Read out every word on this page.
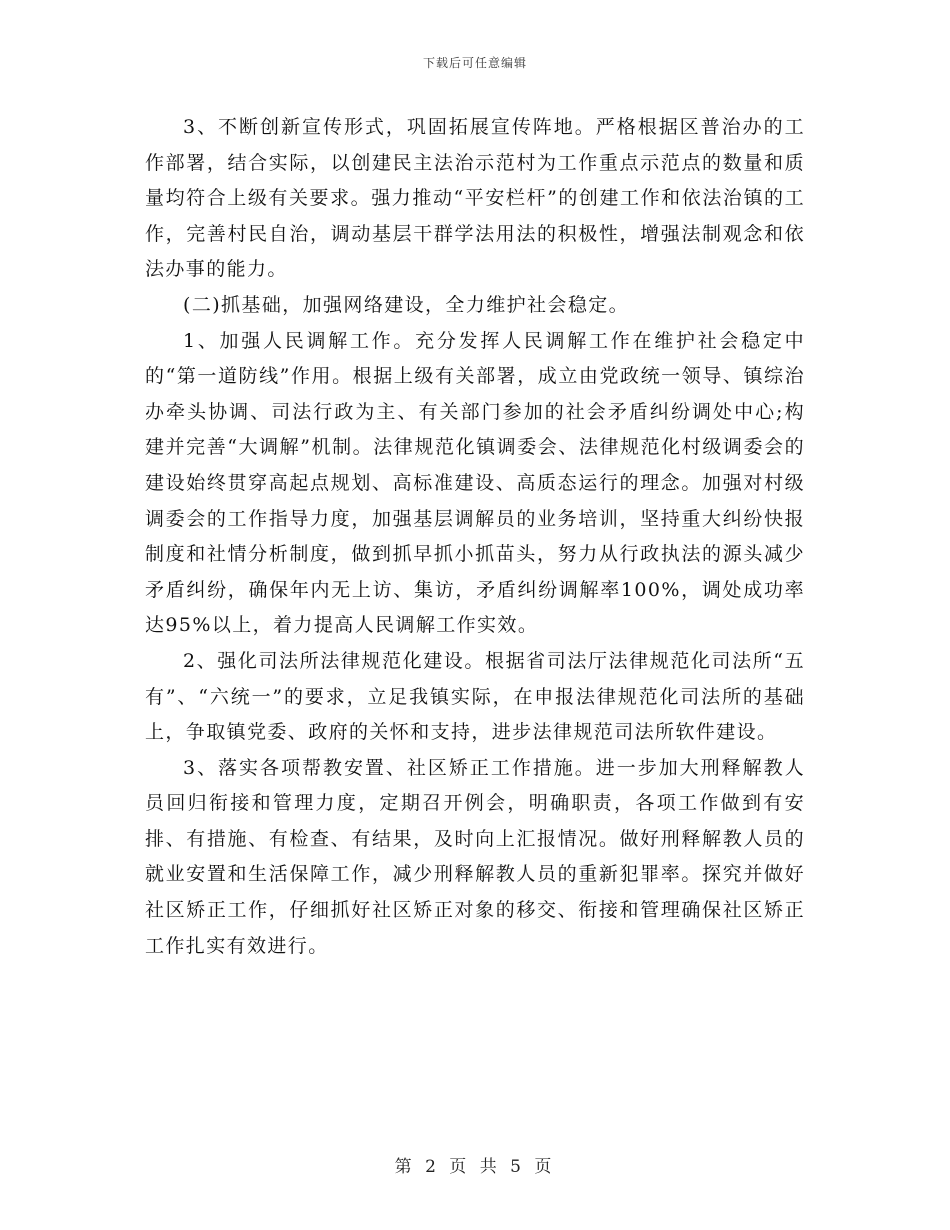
下载后可任意编辑

3、不断创新宣传形式，巩固拓展宣传阵地。严格根据区普治办的工作部署，结合实际，以创建民主法治示范村为工作重点示范点的数量和质量均符合上级有关要求。强力推动“平安栏杆”的创建工作和依法治镇的工作，完善村民自治，调动基层干群学法用法的积极性，增强法制观念和依法办事的能力。

(二)抓基础，加强网络建设，全力维护社会稳定。

1、加强人民调解工作。充分发挥人民调解工作在维护社会稳定中的“第一道防线”作用。根据上级有关部署，成立由党政统一领导、镇综治办牵头协调、司法行政为主、有关部门参加的社会矛盾纠纷调处中心;构建并完善“大调解”机制。法律规范化镇调委会、法律规范化村级调委会的建设始终贯穿高起点规划、高标准建设、高质态运行的理念。加强对村级调委会的工作指导力度，加强基层调解员的业务培训，坚持重大纠纷快报制度和社情分析制度，做到抓早抓小抓苗头，努力从行政执法的源头减少矛盾纠纷，确保年内无上访、集访，矛盾纠纷调解率100%，调处成功率达95%以上，着力提高人民调解工作实效。

2、强化司法所法律规范化建设。根据省司法厅法律规范化司法所“五有”、“六统一”的要求，立足我镇实际，在申报法律规范化司法所的基础上，争取镇党委、政府的关怀和支持，进步法律规范司法所软件建设。

3、落实各项帮教安置、社区矫正工作措施。进一步加大刑释解教人员回归衔接和管理力度，定期召开例会，明确职责，各项工作做到有安排、有措施、有检查、有结果，及时向上汇报情况。做好刑释解教人员的就业安置和生活保障工作，减少刑释解教人员的重新犯罪率。探究并做好社区矫正工作，仔细抓好社区矫正对象的移交、衔接和管理确保社区矫正工作扎实有效进行。

第 2 页 共 5 页
